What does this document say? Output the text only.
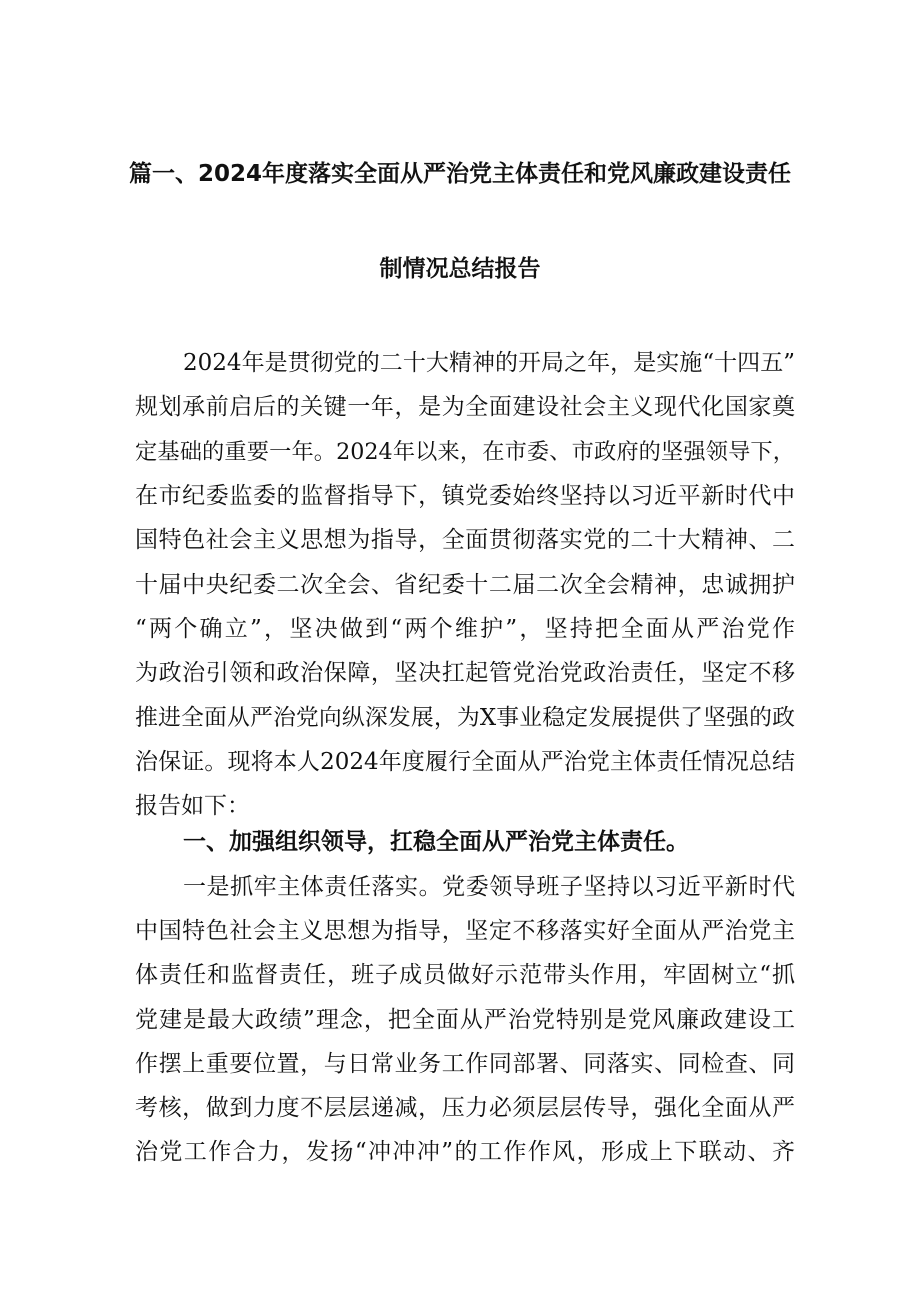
篇一、2024年度落实全面从严治党主体责任和党风廉政建设责任
制情况总结报告
2024年是贯彻党的二十大精神的开局之年，是实施“十四五”
规划承前启后的关键一年，是为全面建设社会主义现代化国家奠
定基础的重要一年。2024年以来，在市委、市政府的坚强领导下，
在市纪委监委的监督指导下，镇党委始终坚持以习近平新时代中
国特色社会主义思想为指导，全面贯彻落实党的二十大精神、二
十届中央纪委二次全会、省纪委十二届二次全会精神，忠诚拥护
“两个确立”，坚决做到“两个维护”，坚持把全面从严治党作
为政治引领和政治保障，坚决扛起管党治党政治责任，坚定不移
推进全面从严治党向纵深发展，为X事业稳定发展提供了坚强的政
治保证。现将本人2024年度履行全面从严治党主体责任情况总结
报告如下：
一、加强组织领导，扛稳全面从严治党主体责任。
一是抓牢主体责任落实。党委领导班子坚持以习近平新时代
中国特色社会主义思想为指导，坚定不移落实好全面从严治党主
体责任和监督责任，班子成员做好示范带头作用，牢固树立“抓
党建是最大政绩”理念，把全面从严治党特别是党风廉政建设工
作摆上重要位置，与日常业务工作同部署、同落实、同检查、同
考核，做到力度不层层递减，压力必须层层传导，强化全面从严
治党工作合力，发扬“冲冲冲”的工作作风，形成上下联动、齐
